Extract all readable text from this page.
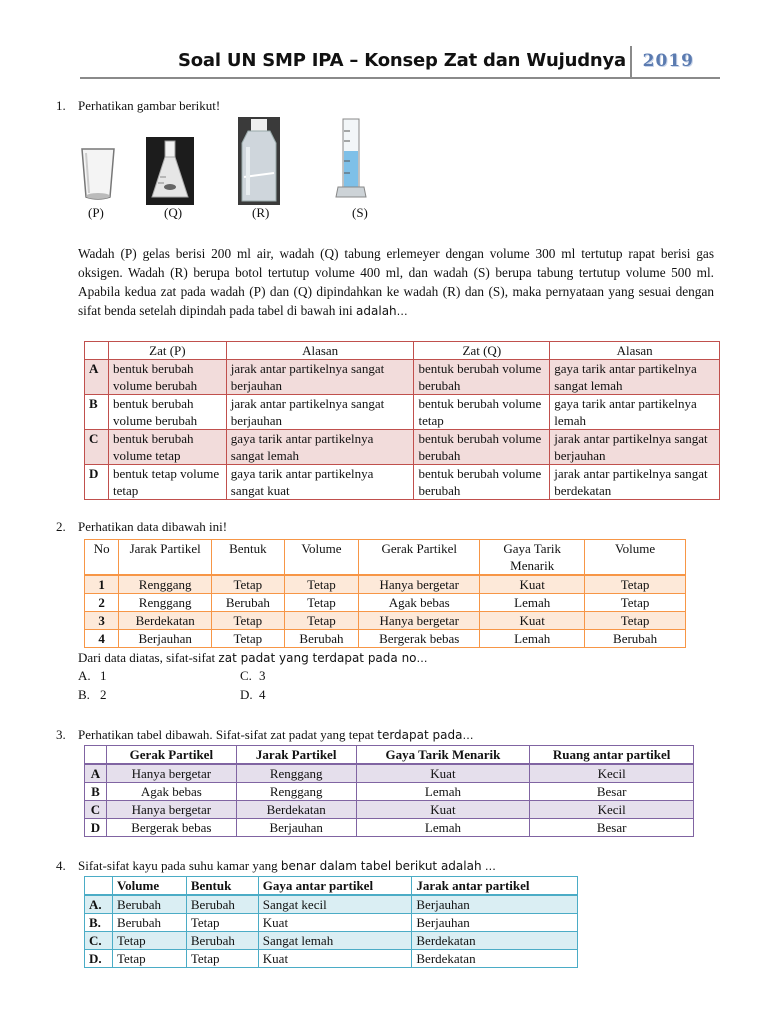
Soal UN SMP IPA – Konsep Zat dan Wujudnya 2019
1. Perhatikan gambar berikut!
(P)	(Q)	(R)	(S)
Wadah (P) gelas berisi 200 ml air, wadah (Q) tabung erlemeyer dengan volume 300 ml tertutup rapat berisi gas oksigen. Wadah (R) berupa botol tertutup volume 400 ml, dan wadah (S) berupa tabung tertutup volume 500 ml. Apabila kedua zat pada wadah (P) dan (Q) dipindahkan ke wadah (R) dan (S), maka pernyataan yang sesuai dengan sifat benda setelah dipindah pada tabel di bawah ini adalah…
	Zat (P)	Alasan	Zat (Q)	Alasan
A	bentuk berubah volume berubah	jarak antar partikelnya sangat berjauhan	bentuk berubah volume berubah	gaya tarik antar partikelnya sangat lemah
B	bentuk berubah volume berubah	jarak antar partikelnya sangat berjauhan	bentuk berubah volume tetap	gaya tarik antar partikelnya lemah
C	bentuk berubah volume tetap	gaya tarik antar partikelnya sangat lemah	bentuk berubah volume berubah	jarak antar partikelnya sangat berjauhan
D	bentuk tetap volume tetap	gaya tarik antar partikelnya sangat kuat	bentuk berubah volume berubah	jarak antar partikelnya sangat berdekatan
2. Perhatikan data dibawah ini!
No	Jarak Partikel	Bentuk	Volume	Gerak Partikel	Gaya Tarik Menarik	Volume
1	Renggang	Tetap	Tetap	Hanya bergetar	Kuat	Tetap
2	Renggang	Berubah	Tetap	Agak bebas	Lemah	Tetap
3	Berdekatan	Tetap	Tetap	Hanya bergetar	Kuat	Tetap
4	Berjauhan	Tetap	Berubah	Bergerak bebas	Lemah	Berubah
Dari data diatas, sifat-sifat zat padat yang terdapat pada no…
A. 1
B. 2
C. 3
D. 4
3. Perhatikan tabel dibawah. Sifat-sifat zat padat yang tepat terdapat pada…
	Gerak Partikel	Jarak Partikel	Gaya Tarik Menarik	Ruang antar partikel
A	Hanya bergetar	Renggang	Kuat	Kecil
B	Agak bebas	Renggang	Lemah	Besar
C	Hanya bergetar	Berdekatan	Kuat	Kecil
D	Bergerak bebas	Berjauhan	Lemah	Besar
4. Sifat-sifat kayu pada suhu kamar yang benar dalam tabel berikut adalah …
	Volume	Bentuk	Gaya antar partikel	Jarak antar partikel
A.	Berubah	Berubah	Sangat kecil	Berjauhan
B.	Berubah	Tetap	Kuat	Berjauhan
C.	Tetap	Berubah	Sangat lemah	Berdekatan
D.	Tetap	Tetap	Kuat	Berdekatan
